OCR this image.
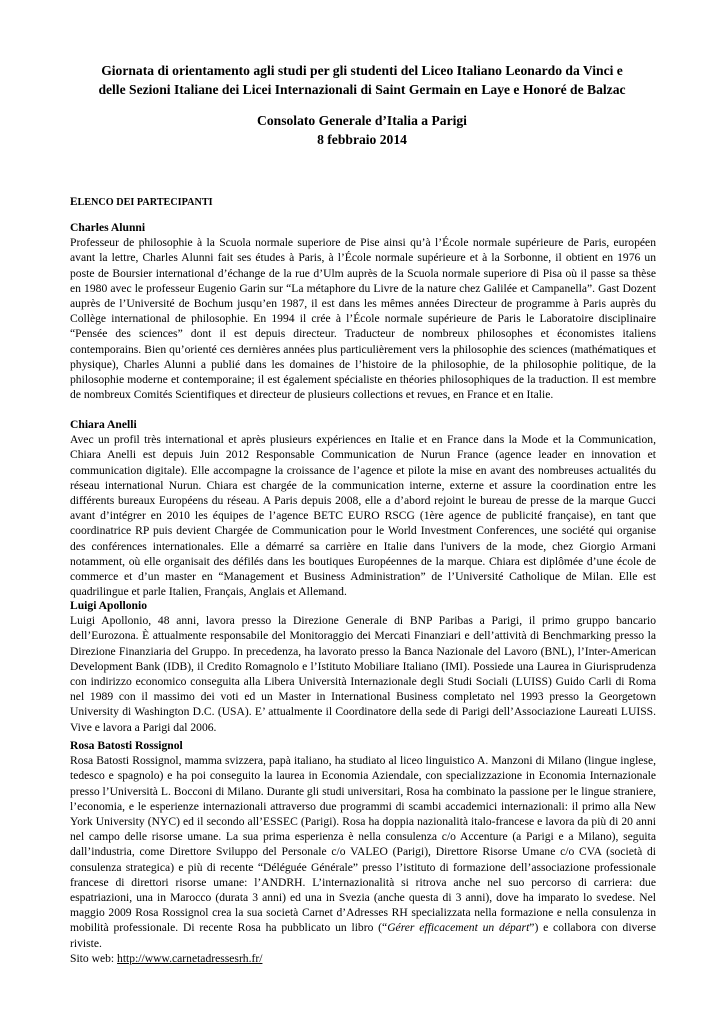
Giornata di orientamento agli studi per gli studenti del Liceo Italiano Leonardo da Vinci e
delle Sezioni Italiane dei Licei Internazionali di Saint Germain en Laye e Honoré de Balzac
Consolato Generale d’Italia a Parigi
8 febbraio 2014
ELENCO DEI PARTECIPANTI
Charles Alunni

Professeur de philosophie à la Scuola normale superiore de Pise ainsi qu’à l’École normale supérieure de Paris, européen avant la lettre, Charles Alunni fait ses études à Paris, à l’École normale supérieure et à la Sorbonne, il obtient en 1976 un poste de Boursier international d’échange de la rue d’Ulm auprès de la Scuola normale superiore di Pisa où il passe sa thèse en 1980 avec le professeur Eugenio Garin sur “La métaphore du Livre de la nature chez Galilée et Campanella”. Gast Dozent auprès de l’Université de Bochum jusqu’en 1987, il est dans les mêmes années Directeur de programme à Paris auprès du Collège international de philosophie. En 1994 il crée à l’École normale supérieure de Paris le Laboratoire disciplinaire “Pensée des sciences” dont il est depuis directeur. Traducteur de nombreux philosophes et économistes italiens contemporains. Bien qu’orienté ces dernières années plus particulièrement vers la philosophie des sciences (mathématiques et physique), Charles Alunni a publié dans les domaines de l’histoire de la philosophie, de la philosophie politique, de la philosophie moderne et contemporaine; il est également spécialiste en théories philosophiques de la traduction. Il est membre de nombreux Comités Scientifiques et directeur de plusieurs collections et revues, en France et en Italie.

Chiara Anelli

Avec un profil très international et après plusieurs expériences en Italie et en France dans la Mode et la Communication, Chiara Anelli est depuis Juin 2012 Responsable Communication de Nurun France (agence leader en innovation et communication digitale). Elle accompagne la croissance de l’agence et pilote la mise en avant des nombreuses actualités du réseau international Nurun. Chiara est chargée de la communication interne, externe et assure la coordination entre les différents bureaux Européens du réseau. A Paris depuis 2008, elle a d’abord rejoint le bureau de presse de la marque Gucci avant d’intégrer en 2010 les équipes de l’agence BETC EURO RSCG (1ère agence de publicité française), en tant que coordinatrice RP puis devient Chargée de Communication pour le World Investment Conferences, une société qui organise des conférences internationales. Elle a démarré sa carrière en Italie dans l'univers de la mode, chez Giorgio Armani notamment, où elle organisait des défilés dans les boutiques Européennes de la marque. Chiara est diplômée d’une école de commerce et d’un master en “Management et Business Administration” de l’Université Catholique de Milan. Elle est quadrilingue et parle Italien, Français, Anglais et Allemand.

Luigi Apollonio

Luigi Apollonio, 48 anni, lavora presso la Direzione Generale di BNP Paribas a Parigi, il primo gruppo bancario dell’Eurozona. È attualmente responsabile del Monitoraggio dei Mercati Finanziari e dell’attività di Benchmarking presso la Direzione Finanziaria del Gruppo. In precedenza, ha lavorato presso la Banca Nazionale del Lavoro (BNL), l’Inter-American Development Bank (IDB), il Credito Romagnolo e l’Istituto Mobiliare Italiano (IMI). Possiede una Laurea in Giurisprudenza con indirizzo economico conseguita alla Libera Università Internazionale degli Studi Sociali (LUISS) Guido Carli di Roma nel 1989 con il massimo dei voti ed un Master in International Business completato nel 1993 presso la Georgetown University di Washington D.C. (USA). E’ attualmente il Coordinatore della sede di Parigi dell’Associazione Laureati LUISS. Vive e lavora a Parigi dal 2006.

Rosa Batosti Rossignol

Rosa Batosti Rossignol, mamma svizzera, papà italiano, ha studiato al liceo linguistico A. Manzoni di Milano (lingue inglese, tedesco e spagnolo) e ha poi conseguito la laurea in Economia Aziendale, con specializzazione in Economia Internazionale presso l’Università L. Bocconi di Milano. Durante gli studi universitari, Rosa ha combinato la passione per le lingue straniere, l’economia, e le esperienze internazionali attraverso due programmi di scambi accademici internazionali: il primo alla New York University (NYC) ed il secondo all’ESSEC (Parigi). Rosa ha doppia nazionalità italo-francese e lavora da più di 20 anni nel campo delle risorse umane. La sua prima esperienza è nella consulenza c/o Accenture (a Parigi e a Milano), seguita dall’industria, come Direttore Sviluppo del Personale c/o VALEO (Parigi), Direttore Risorse Umane c/o CVA (società di consulenza strategica) e più di recente “Déléguée Générale” presso l’istituto di formazione dell’associazione professionale francese di direttori risorse umane: l’ANDRH. L’internazionalità si ritrova anche nel suo percorso di carriera: due espatriazioni, una in Marocco (durata 3 anni) ed una in Svezia (anche questa di 3 anni), dove ha imparato lo svedese. Nel maggio 2009 Rosa Rossignol crea la sua società Carnet d’Adresses RH specializzata nella formazione e nella consulenza in mobilità professionale. Di recente Rosa ha pubblicato un libro (“Gérer efficacement un départ”) e collabora con diverse riviste.

Sito web: http://www.carnetadressesrh.fr/
